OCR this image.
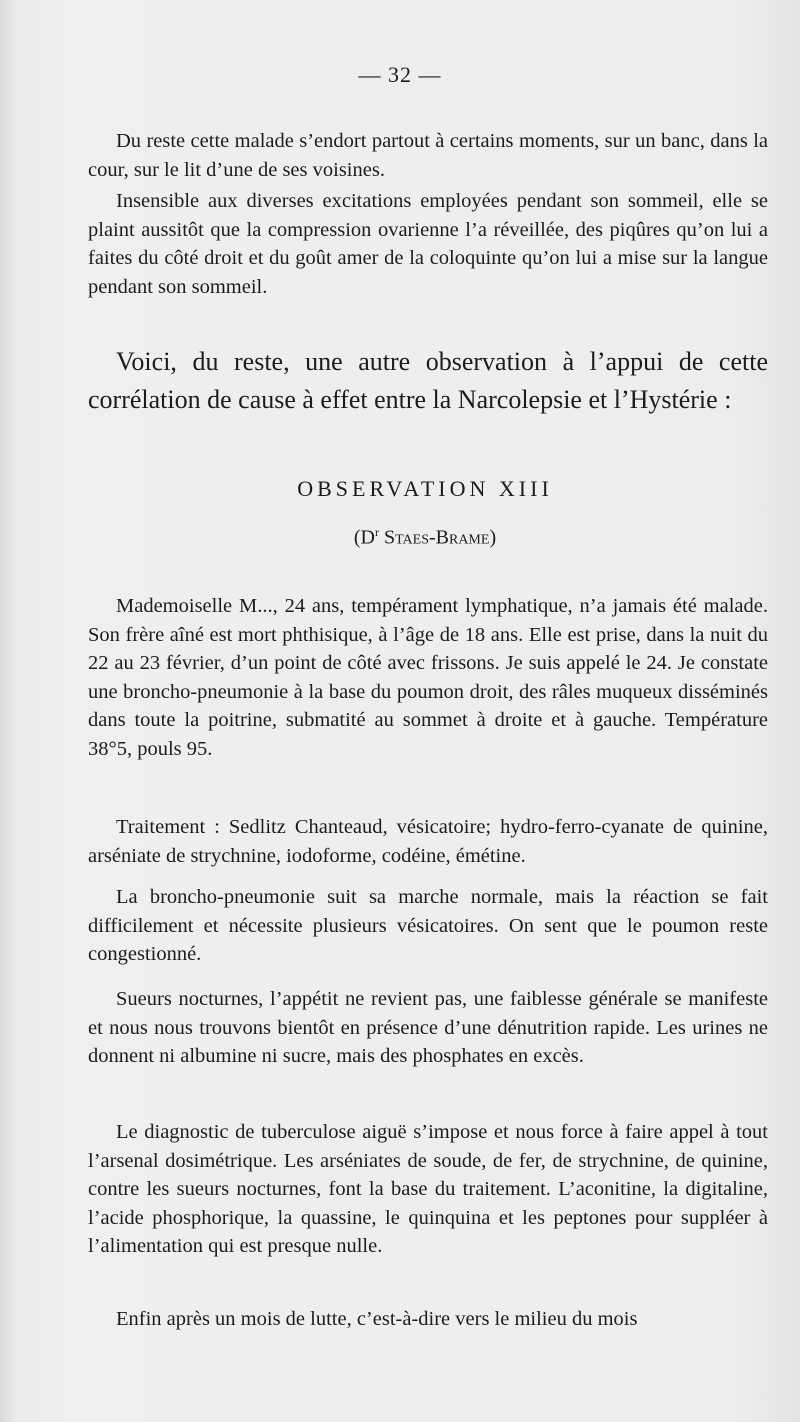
— 32 —

Du reste cette malade s’endort partout à certains moments, sur un banc, dans la cour, sur le lit d’une de ses voisines.

Insensible aux diverses excitations employées pendant son sommeil, elle se plaint aussitôt que la compression ovarienne l’a réveillée, des piqûres qu’on lui a faites du côté droit et du goût amer de la coloquinte qu’on lui a mise sur la langue pendant son sommeil.

Voici, du reste, une autre observation à l’appui de cette corrélation de cause à effet entre la Narcolepsie et l’Hystérie :

OBSERVATION XIII
($D^r$ Staes-Brame)

Mademoiselle M..., 24 ans, tempérament lymphatique, n’a jamais été malade. Son frère aîné est mort phthisique, à l’âge de 18 ans. Elle est prise, dans la nuit du 22 au 23 février, d’un point de côté avec frissons. Je suis appelé le 24. Je constate une broncho-pneumonie à la base du poumon droit, des râles muqueux disséminés dans toute la poitrine, submatité au sommet à droite et à gauche. Température 38°5, pouls 95.

Traitement : Sedlitz Chanteaud, vésicatoire; hydro-ferro-cyanate de quinine, arséniate de strychnine, iodoforme, codéine, émétine.

La broncho-pneumonie suit sa marche normale, mais la réaction se fait difficilement et nécessite plusieurs vésicatoires. On sent que le poumon reste congestionné.

Sueurs nocturnes, l’appétit ne revient pas, une faiblesse générale se manifeste et nous nous trouvons bientôt en présence d’une dénutrition rapide. Les urines ne donnent ni albumine ni sucre, mais des phosphates en excès.

Le diagnostic de tuberculose aiguë s’impose et nous force à faire appel à tout l’arsenal dosimétrique. Les arséniates de soude, de fer, de strychnine, de quinine, contre les sueurs nocturnes, font la base du traitement. L’aconitine, la digitaline, l’acide phosphorique, la quassine, le quinquina et les peptones pour suppléer à l’alimentation qui est presque nulle.

Enfin après un mois de lutte, c’est-à-dire vers le milieu du mois
